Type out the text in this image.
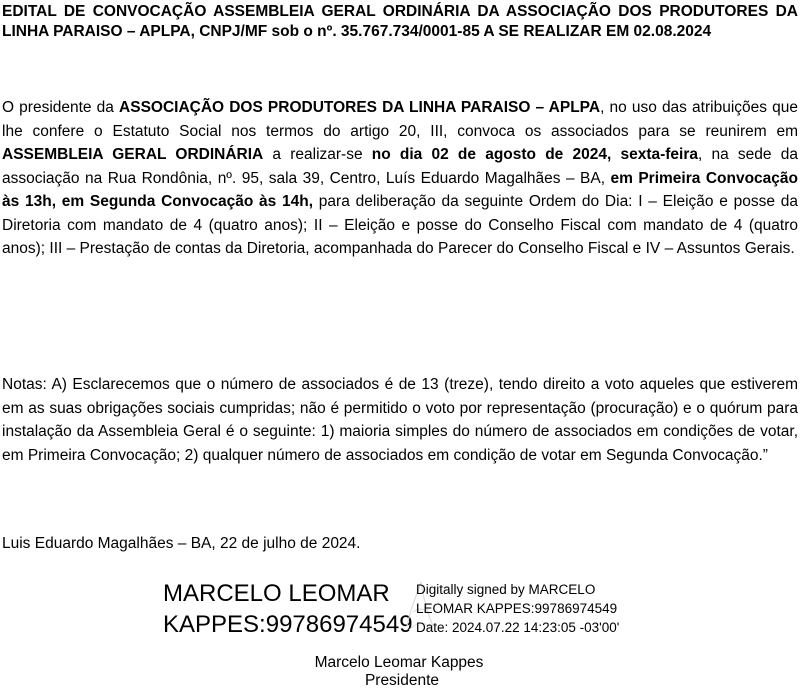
EDITAL DE CONVOCAÇÃO ASSEMBLEIA GERAL ORDINÁRIA DA ASSOCIAÇÃO DOS PRODUTORES DA LINHA PARAISO – APLPA, CNPJ/MF sob o nº. 35.767.734/0001-85 A SE REALIZAR EM 02.08.2024
O presidente da ASSOCIAÇÃO DOS PRODUTORES DA LINHA PARAISO – APLPA, no uso das atribuições que lhe confere o Estatuto Social nos termos do artigo 20, III, convoca os associados para se reunirem em ASSEMBLEIA GERAL ORDINÁRIA a realizar-se no dia 02 de agosto de 2024, sexta-feira, na sede da associação na Rua Rondônia, nº. 95, sala 39, Centro, Luís Eduardo Magalhães – BA, em Primeira Convocação às 13h, em Segunda Convocação às 14h, para deliberação da seguinte Ordem do Dia: I – Eleição e posse da Diretoria com mandato de 4 (quatro anos); II – Eleição e posse do Conselho Fiscal com mandato de 4 (quatro anos); III – Prestação de contas da Diretoria, acompanhada do Parecer do Conselho Fiscal e IV – Assuntos Gerais.
Notas: A) Esclarecemos que o número de associados é de 13 (treze), tendo direito a voto aqueles que estiverem em as suas obrigações sociais cumpridas; não é permitido o voto por representação (procuração) e o quórum para instalação da Assembleia Geral é o seguinte: 1) maioria simples do número de associados em condições de votar, em Primeira Convocação; 2) qualquer número de associados em condição de votar em Segunda Convocação.”
Luis Eduardo Magalhães – BA, 22 de julho de 2024.
MARCELO LEOMAR
KAPPES:99786974549
Digitally signed by MARCELO
LEOMAR KAPPES:99786974549
Date: 2024.07.22 14:23:05 -03'00'
Marcelo Leomar Kappes
Presidente
